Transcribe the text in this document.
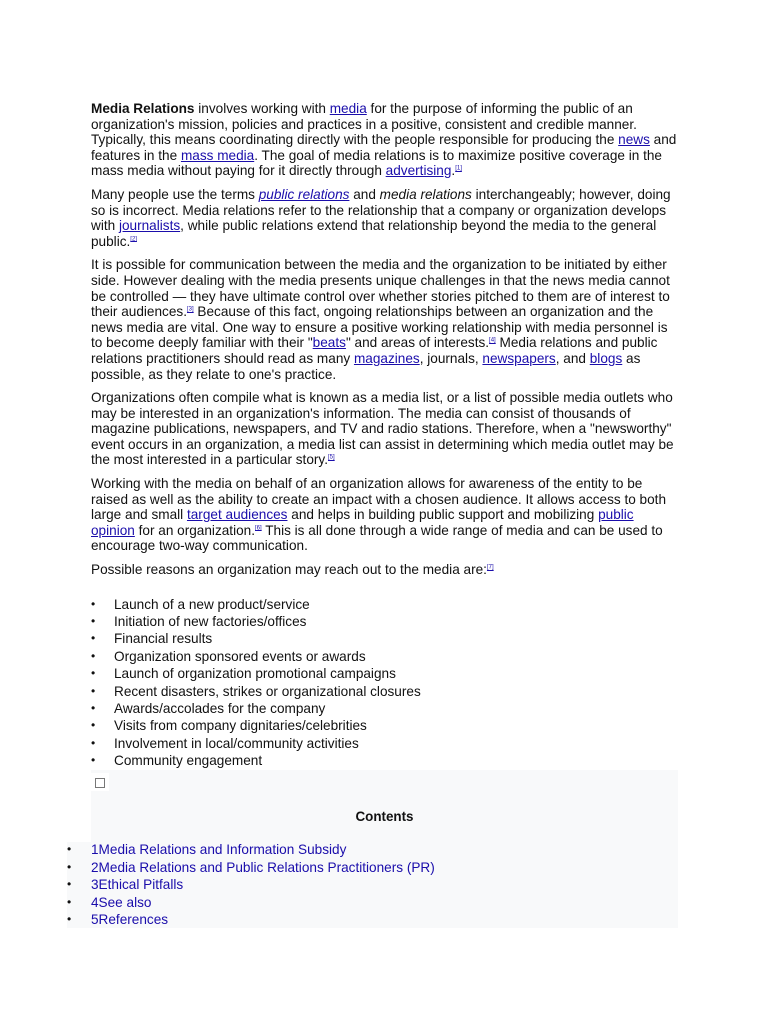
Media Relations involves working with media for the purpose of informing the public of an organization's mission, policies and practices in a positive, consistent and credible manner. Typically, this means coordinating directly with the people responsible for producing the news and features in the mass media. The goal of media relations is to maximize positive coverage in the mass media without paying for it directly through advertising.[1]

Many people use the terms public relations and media relations interchangeably; however, doing so is incorrect. Media relations refer to the relationship that a company or organization develops with journalists, while public relations extend that relationship beyond the media to the general public.[2]

It is possible for communication between the media and the organization to be initiated by either side. However dealing with the media presents unique challenges in that the news media cannot be controlled — they have ultimate control over whether stories pitched to them are of interest to their audiences.[3] Because of this fact, ongoing relationships between an organization and the news media are vital. One way to ensure a positive working relationship with media personnel is to become deeply familiar with their "beats" and areas of interests.[4] Media relations and public relations practitioners should read as many magazines, journals, newspapers, and blogs as possible, as they relate to one's practice.

Organizations often compile what is known as a media list, or a list of possible media outlets who may be interested in an organization's information. The media can consist of thousands of magazine publications, newspapers, and TV and radio stations. Therefore, when a "newsworthy" event occurs in an organization, a media list can assist in determining which media outlet may be the most interested in a particular story.[5]

Working with the media on behalf of an organization allows for awareness of the entity to be raised as well as the ability to create an impact with a chosen audience. It allows access to both large and small target audiences and helps in building public support and mobilizing public opinion for an organization.[6] This is all done through a wide range of media and can be used to encourage two-way communication.

Possible reasons an organization may reach out to the media are:[7]

• Launch of a new product/service
• Initiation of new factories/offices
• Financial results
• Organization sponsored events or awards
• Launch of organization promotional campaigns
• Recent disasters, strikes or organizational closures
• Awards/accolades for the company
• Visits from company dignitaries/celebrities
• Involvement in local/community activities
• Community engagement
Contents
• 1Media Relations and Information Subsidy
• 2Media Relations and Public Relations Practitioners (PR)
• 3Ethical Pitfalls
• 4See also
• 5References
